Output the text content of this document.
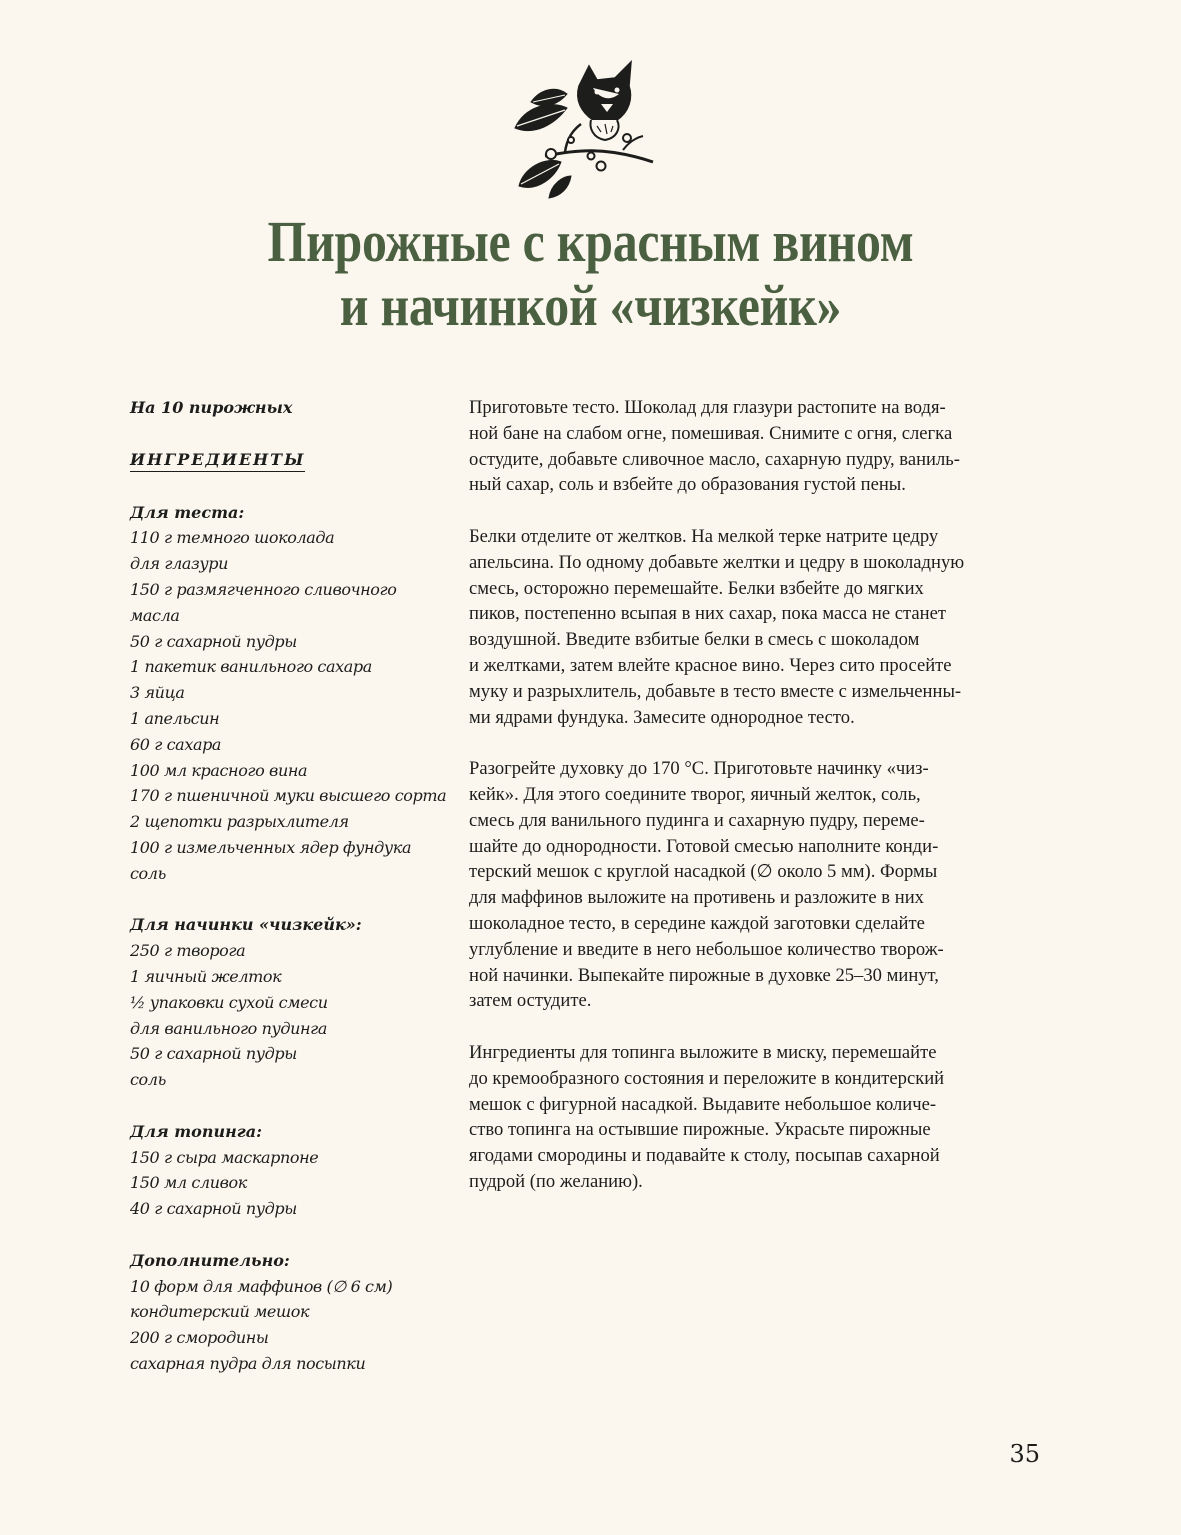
Пирожные с красным вином
и начинкой «чизкейк»
На 10 пирожных
ИНГРЕДИЕНТЫ
Для теста:
110 г темного шоколада
для глазури
150 г размягченного сливочного
масла
50 г сахарной пудры
1 пакетик ванильного сахара
3 яйца
1 апельсин
60 г сахара
100 мл красного вина
170 г пшеничной муки высшего сорта
2 щепотки разрыхлителя
100 г измельченных ядер фундука
соль
Для начинки «чизкейк»:
250 г творога
1 яичный желток
½ упаковки сухой смеси
для ванильного пудинга
50 г сахарной пудры
соль
Для топинга:
150 г сыра маскарпоне
150 мл сливок
40 г сахарной пудры
Дополнительно:
10 форм для маффинов (∅ 6 см)
кондитерский мешок
200 г смородины
сахарная пудра для посыпки

Приготовьте тесто. Шоколад для глазури растопите на водя-
ной бане на слабом огне, помешивая. Снимите с огня, слегка
остудите, добавьте сливочное масло, сахарную пудру, ваниль-
ный сахар, соль и взбейте до образования густой пены.

Белки отделите от желтков. На мелкой терке натрите цедру
апельсина. По одному добавьте желтки и цедру в шоколадную
смесь, осторожно перемешайте. Белки взбейте до мягких
пиков, постепенно всыпая в них сахар, пока масса не станет
воздушной. Введите взбитые белки в смесь с шоколадом
и желтками, затем влейте красное вино. Через сито просейте
муку и разрыхлитель, добавьте в тесто вместе с измельченны-
ми ядрами фундука. Замесите однородное тесто.

Разогрейте духовку до 170 °С. Приготовьте начинку «чиз-
кейк». Для этого соедините творог, яичный желток, соль,
смесь для ванильного пудинга и сахарную пудру, переме-
шайте до однородности. Готовой смесью наполните конди-
терский мешок с круглой насадкой (∅ около 5 мм). Формы
для маффинов выложите на противень и разложите в них
шоколадное тесто, в середине каждой заготовки сделайте
углубление и введите в него небольшое количество творож-
ной начинки. Выпекайте пирожные в духовке 25–30 минут,
затем остудите.

Ингредиенты для топинга выложите в миску, перемешайте
до кремообразного состояния и переложите в кондитерский
мешок с фигурной насадкой. Выдавите небольшое количе-
ство топинга на остывшие пирожные. Украсьте пирожные
ягодами смородины и подавайте к столу, посыпав сахарной
пудрой (по желанию).

35
